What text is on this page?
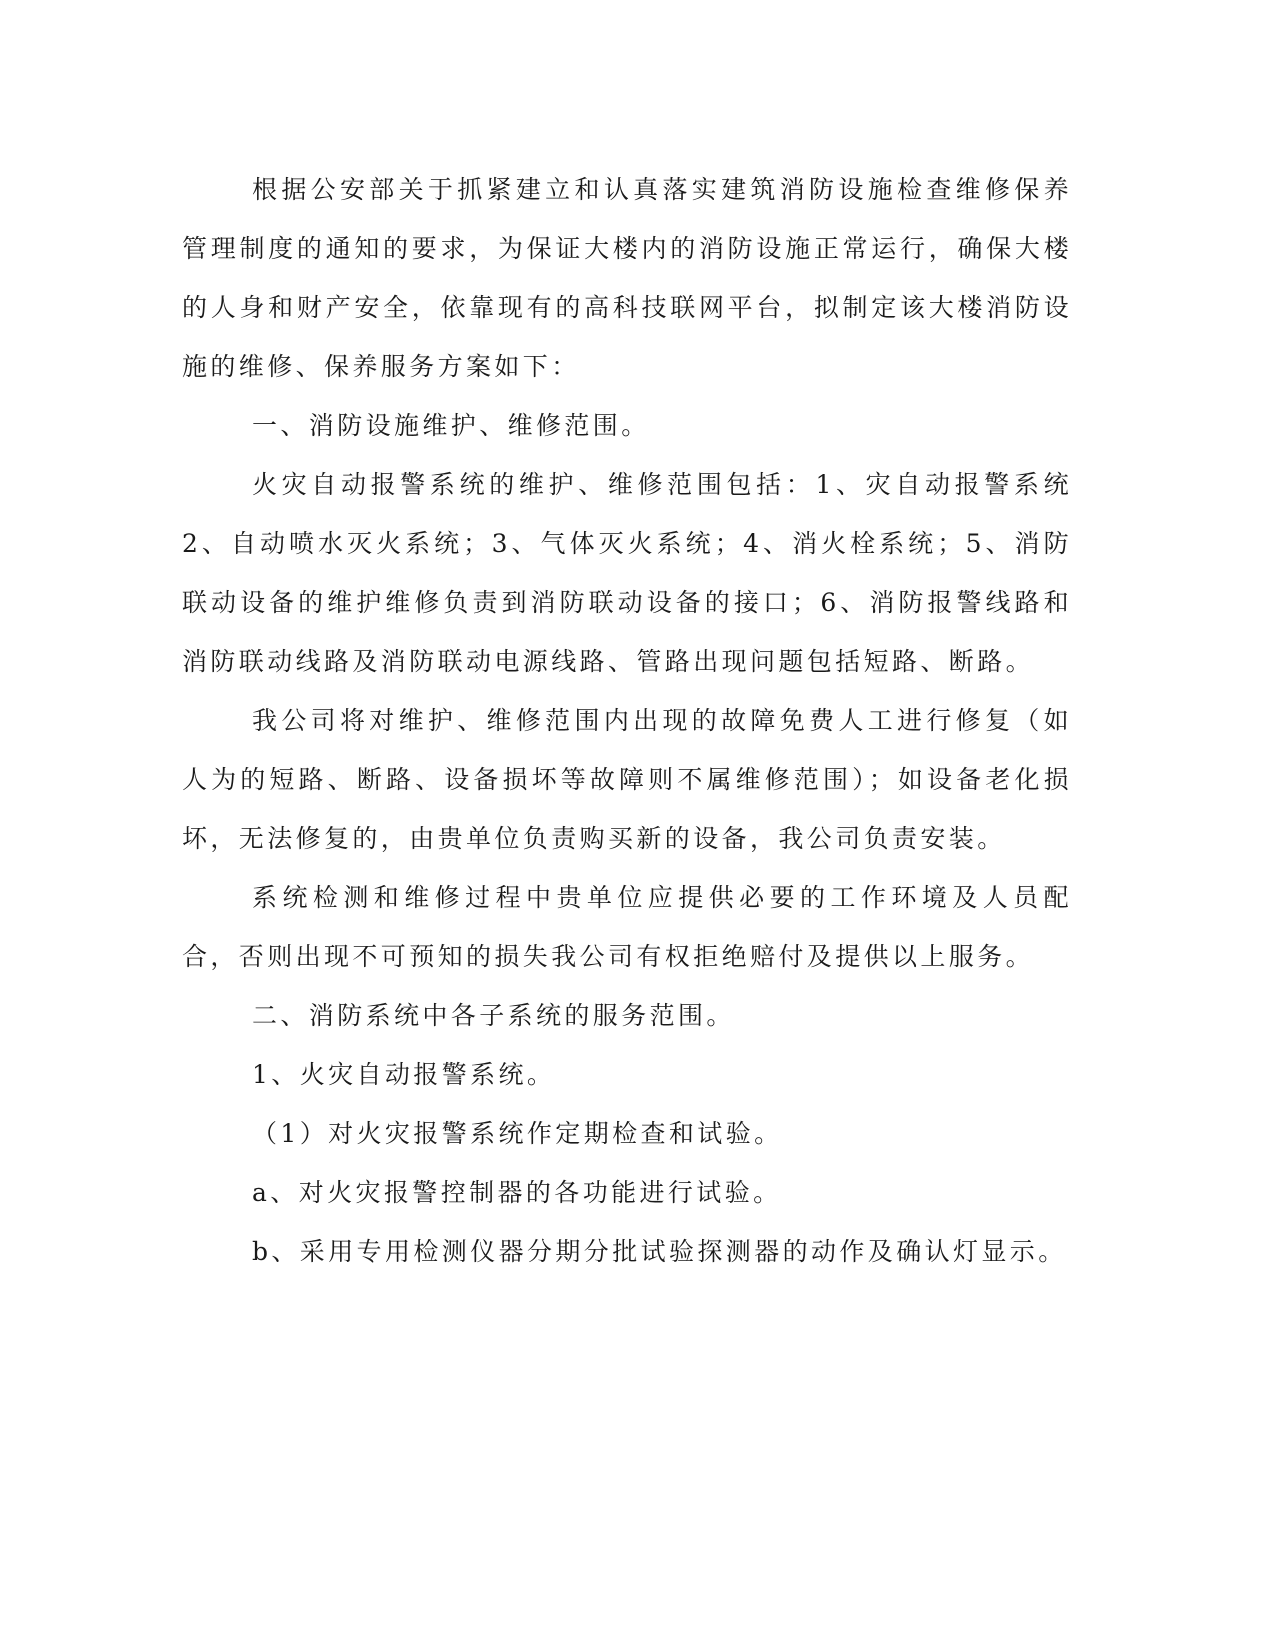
根据公安部关于抓紧建立和认真落实建筑消防设施检查维修保养管理制度的通知的要求，为保证大楼内的消防设施正常运行，确保大楼的人身和财产安全，依靠现有的高科技联网平台，拟制定该大楼消防设施的维修、保养服务方案如下：

一、消防设施维护、维修范围。

火灾自动报警系统的维护、维修范围包括：1、灾自动报警系统 2、自动喷水灭火系统；3、气体灭火系统；4、消火栓系统；5、消防联动设备的维护维修负责到消防联动设备的接口；6、消防报警线路和消防联动线路及消防联动电源线路、管路出现问题包括短路、断路。

我公司将对维护、维修范围内出现的故障免费人工进行修复（如人为的短路、断路、设备损坏等故障则不属维修范围）；如设备老化损坏，无法修复的，由贵单位负责购买新的设备，我公司负责安装。

系统检测和维修过程中贵单位应提供必要的工作环境及人员配合，否则出现不可预知的损失我公司有权拒绝赔付及提供以上服务。

二、消防系统中各子系统的服务范围。

1、火灾自动报警系统。

（1）对火灾报警系统作定期检查和试验。

a、对火灾报警控制器的各功能进行试验。

b、采用专用检测仪器分期分批试验探测器的动作及确认灯显示。
